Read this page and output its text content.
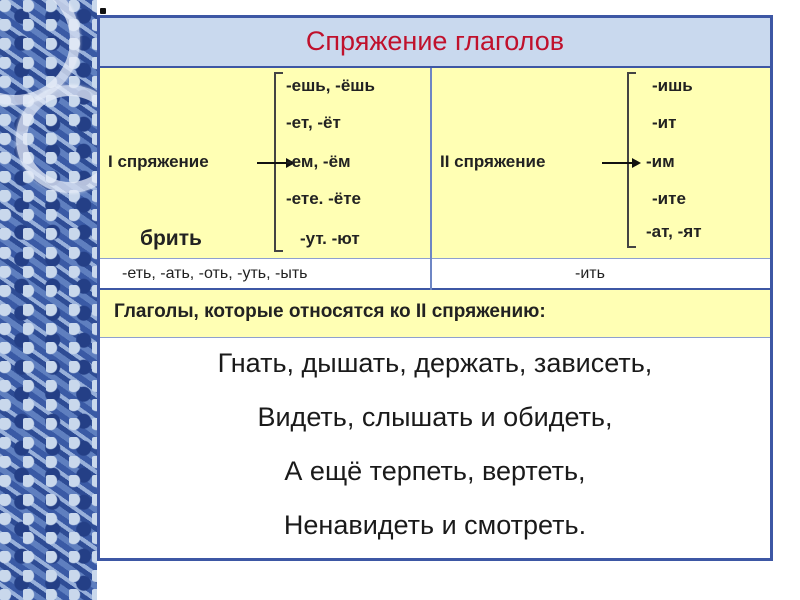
Спряжение глаголов
I спряжение
брить
-ешь, -ёшь
-ет, -ёт
-ем, -ём
-ете. -ёте
-ут. -ют
II спряжение
-ишь
-ит
-им
-ите
-ат, -ят
-еть, -ать, -оть, -уть, -ыть	-ить
Глаголы, которые относятся ко II спряжению:
Гнать, дышать, держать, зависеть,
Видеть, слышать и обидеть,
А ещё терпеть, вертеть,
Ненавидеть и смотреть.
